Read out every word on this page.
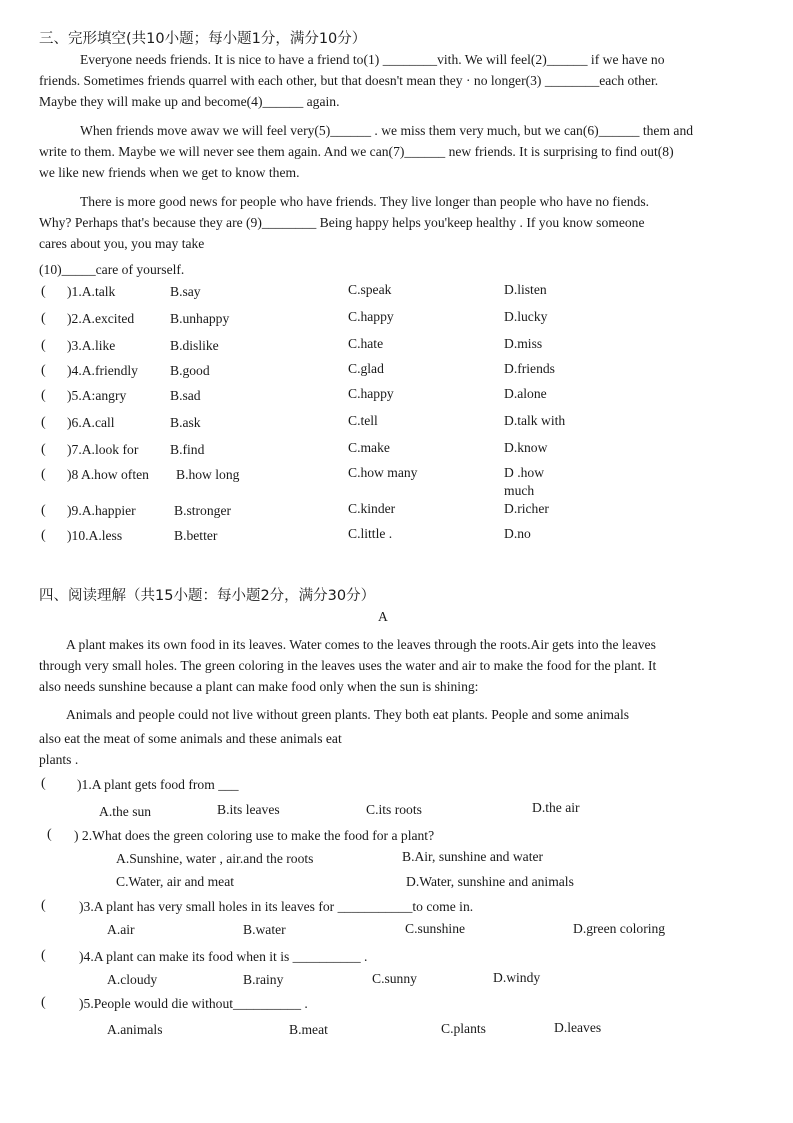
三、完形填空(共10小题；每小题1分，满分10分）
Everyone needs friends. It is nice to have a friend to(1) ________vith. We will feel(2)______ if we have no
friends. Sometimes friends quarrel with each other, but that doesn't mean they · no longer(3) ________each other.
Maybe they will make up and become(4)______ again.
When friends move awav we will feel very(5)______ . we miss them very much, but we can(6)______ them and
write to them. Maybe we will never see them again. And we can(7)______ new friends. It is surprising to find out(8)
we like new friends when we get to know them.
There is more good news for people who have friends. They live longer than people who have no fiends.
Why? Perhaps that's because they are (9)________ Being happy helps you'keep healthy . If you know someone
cares about you, you may take
(10)_____care of yourself.
( )1.A.talk	B.say	C.speak	D.listen
( )2.A.excited	B.unhappy	C.happy	D.lucky
( )3.A.like	B.dislike	C.hate	D.miss
( )4.A.friendly B.good	C.glad	D.friends
( )5.A:angry	B.sad	C.happy	D.alone
( )6.A.call	B.ask	C.tell	D.talk with
( )7.A.look for B.find	C.make	D.know
( )8 A.how often B.how long	C.how many	D .how
much
( )9.A.happier	B.stronger	C.kinder	D.richer
( )10.A.less	B.better	C.little .	D.no
四、阅读理解（共15小题：每小题2分，满分30分）
A
A plant makes its own food in its leaves. Water comes to the leaves through the roots.Air gets into the leaves
through very small holes. The green coloring in the leaves uses the water and air to make the food for the plant. It
also needs sunshine because a plant can make food only when the sun is shining:
Animals and people could not live without green plants. They both eat plants. People and some animals
also eat the meat of some animals and these animals eat
plants .
( )1.A plant gets food from ___
A.the sun	B.its leaves	C.its roots	D.the air
( ) 2.What does the green coloring use to make the food for a plant?
A.Sunshine, water , air.and the roots	B.Air, sunshine and water
C.Water, air and meat	D.Water, sunshine and animals
( )3.A plant has very small holes in its leaves for ___________to come in.
A.air	B.water	C.sunshine	D.green coloring
( )4.A plant can make its food when it is __________ .
A.cloudy	B.rainy	C.sunny	D.windy
( )5.People would die without__________ .
A.animals	B.meat	C.plants	D.leaves
